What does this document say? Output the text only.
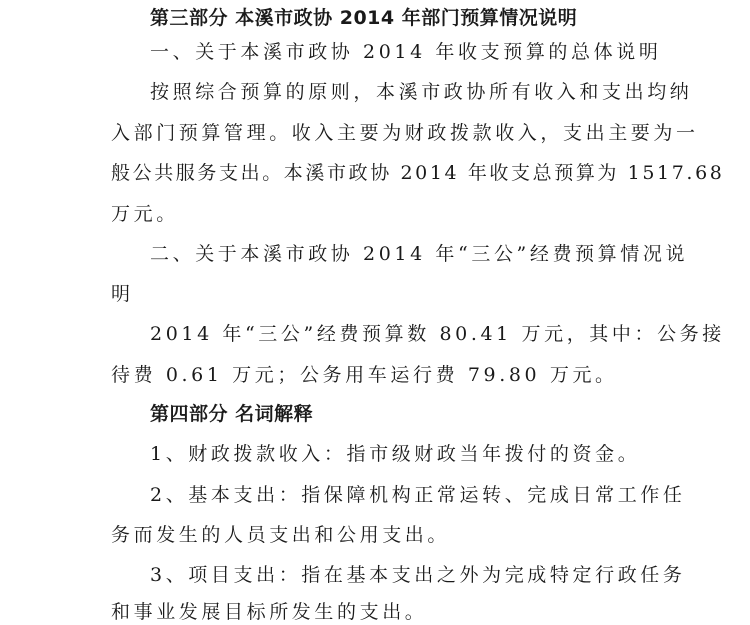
第三部分 本溪市政协 2014 年部门预算情况说明
一、关于本溪市政协 2014 年收支预算的总体说明
按照综合预算的原则，本溪市政协所有收入和支出均纳
入部门预算管理。收入主要为财政拨款收入，支出主要为一
般公共服务支出。本溪市政协 2014 年收支总预算为 1517.68
万元。
二、关于本溪市政协 2014 年“三公”经费预算情况说
明
2014 年“三公”经费预算数 80.41 万元，其中：公务接
待费 0.61 万元；公务用车运行费 79.80 万元。
第四部分 名词解释
1、财政拨款收入：指市级财政当年拨付的资金。
2、基本支出：指保障机构正常运转、完成日常工作任
务而发生的人员支出和公用支出。
3、项目支出：指在基本支出之外为完成特定行政任务
和事业发展目标所发生的支出。
